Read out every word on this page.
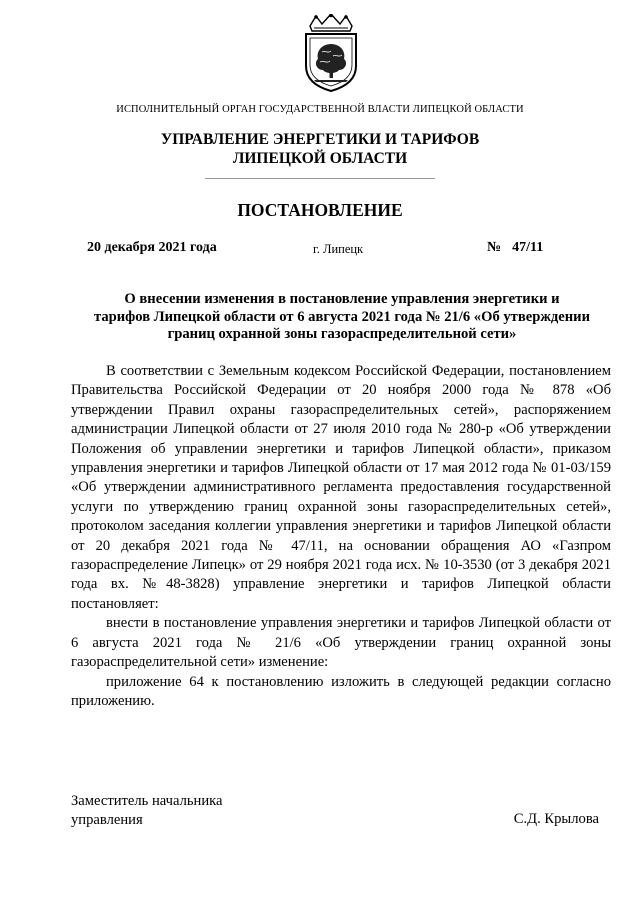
ИСПОЛНИТЕЛЬНЫЙ ОРГАН ГОСУДАРСТВЕННОЙ ВЛАСТИ ЛИПЕЦКОЙ ОБЛАСТИ
УПРАВЛЕНИЕ ЭНЕРГЕТИКИ И ТАРИФОВ
ЛИПЕЦКОЙ ОБЛАСТИ
ПОСТАНОВЛЕНИЕ
20 декабря 2021 года	г. Липецк	№ 47/11
О внесении изменения в постановление управления энергетики и
тарифов Липецкой области от 6 августа 2021 года № 21/6 «Об утверждении
границ охранной зоны газораспределительной сети»

В соответствии с Земельным кодексом Российской Федерации, постановлением Правительства Российской Федерации от 20 ноября 2000 года № 878 «Об утверждении Правил охраны газораспределительных сетей», распоряжением администрации Липецкой области от 27 июля 2010 года № 280-р «Об утверждении Положения об управлении энергетики и тарифов Липецкой области», приказом управления энергетики и тарифов Липецкой области от 17 мая 2012 года № 01-03/159 «Об утверждении административного регламента предоставления государственной услуги по утверждению границ охранной зоны газораспределительных сетей», протоколом заседания коллегии управления энергетики и тарифов Липецкой области от 20 декабря 2021 года № 47/11, на основании обращения АО «Газпром газораспределение Липецк» от 29 ноября 2021 года исх. № 10-3530 (от 3 декабря 2021 года вх. №48-3828) управление энергетики и тарифов Липецкой области постановляет:

внести в постановление управления энергетики и тарифов Липецкой области от 6 августа 2021 года № 21/6 «Об утверждении границ охранной зоны газораспределительной сети» изменение:

приложение 64 к постановлению изложить в следующей редакции согласно приложению.

Заместитель начальника
управления	С.Д. Крылова
